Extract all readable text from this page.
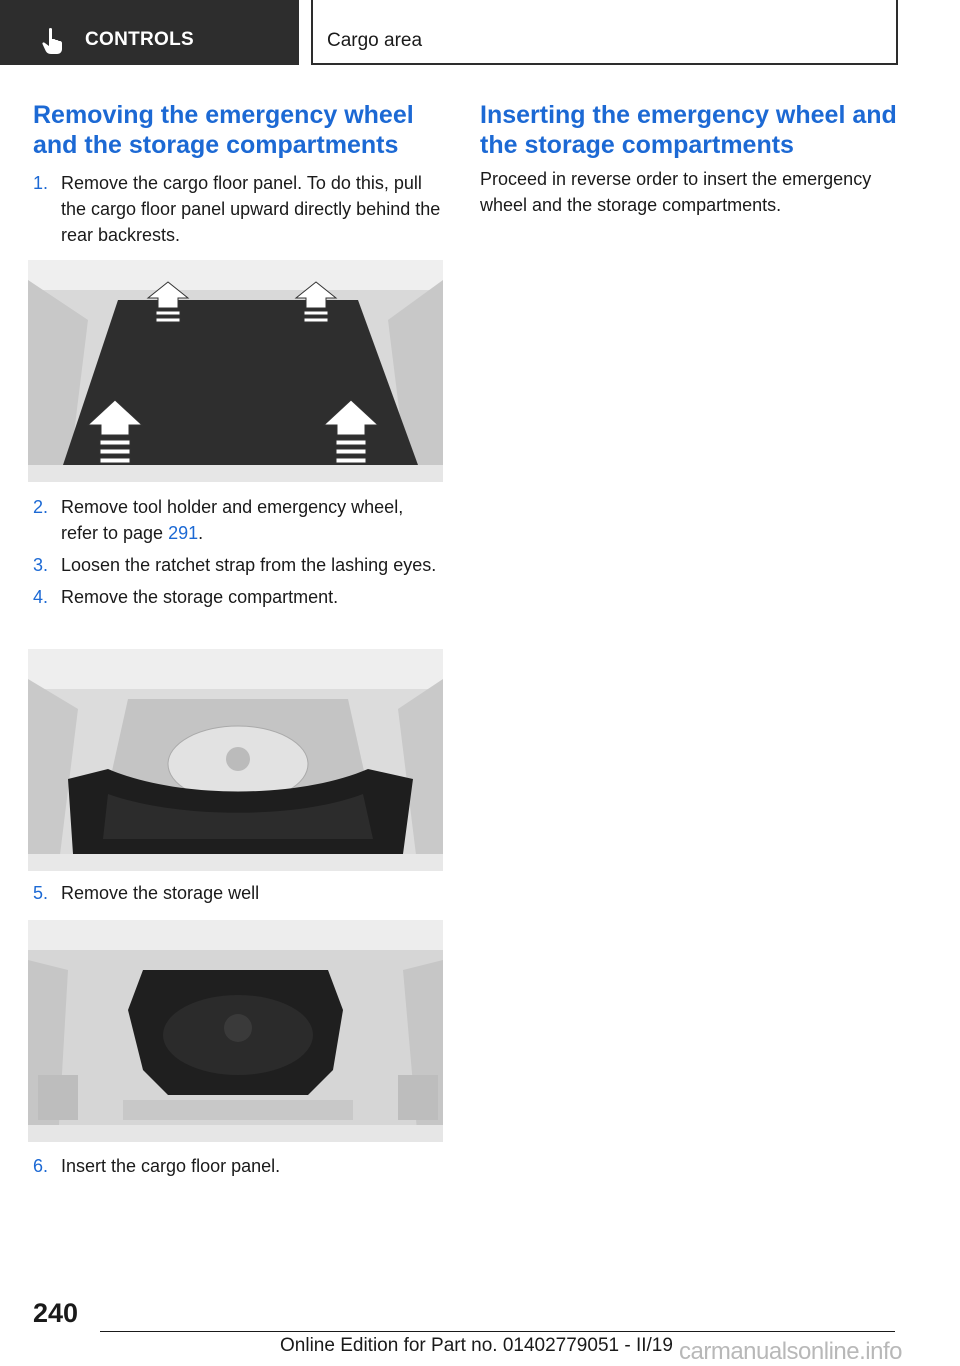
CONTROLS	Cargo area
Removing the emergency wheel and the storage compartments
1. Remove the cargo floor panel. To do this, pull the cargo floor panel upward directly behind the rear backrests.
2. Remove tool holder and emergency wheel, refer to page 291.
3. Loosen the ratchet strap from the lashing eyes.
4. Remove the storage compartment.
5. Remove the storage well
6. Insert the cargo floor panel.
Inserting the emergency wheel and the storage compartments
Proceed in reverse order to insert the emergency wheel and the storage compartments.
240
Online Edition for Part no. 01402779051 - II/19 carmanualsonline.info
